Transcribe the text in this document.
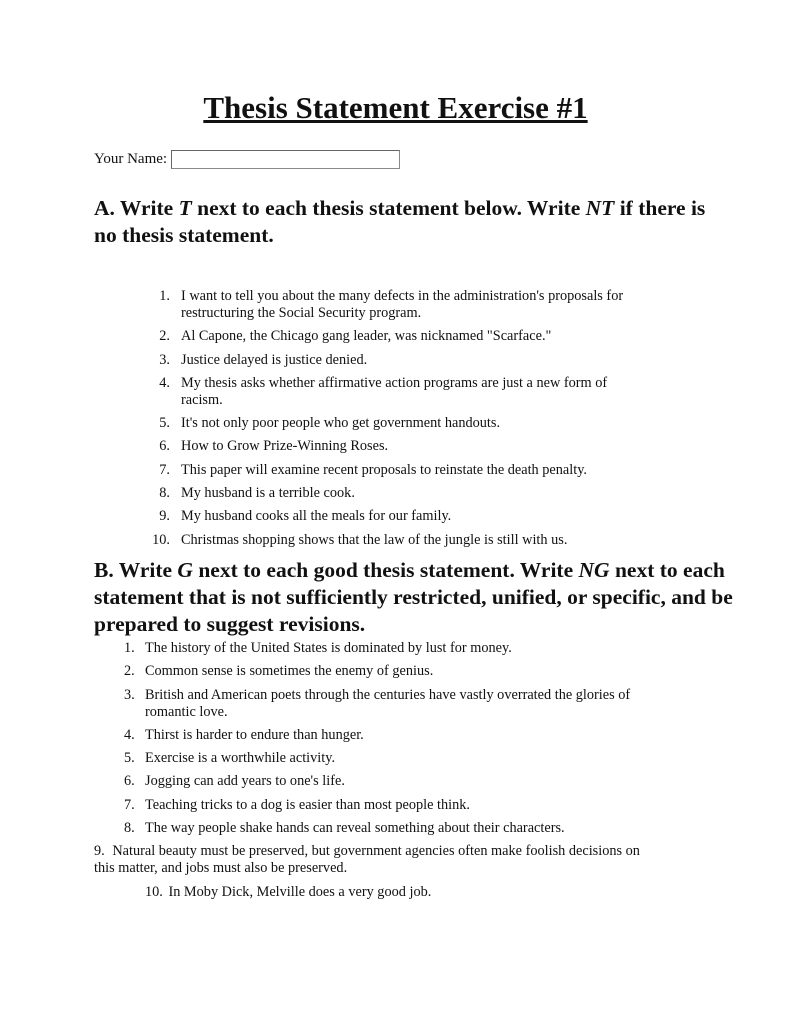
Thesis Statement Exercise #1
Your Name:
A. Write T next to each thesis statement below. Write NT if there is no thesis statement.
1. I want to tell you about the many defects in the administration's proposals for restructuring the Social Security program.
2. Al Capone, the Chicago gang leader, was nicknamed "Scarface."
3. Justice delayed is justice denied.
4. My thesis asks whether affirmative action programs are just a new form of racism.
5. It's not only poor people who get government handouts.
6. How to Grow Prize-Winning Roses.
7. This paper will examine recent proposals to reinstate the death penalty.
8. My husband is a terrible cook.
9. My husband cooks all the meals for our family.
10. Christmas shopping shows that the law of the jungle is still with us.
B. Write G next to each good thesis statement. Write NG next to each statement that is not sufficiently restricted, unified, or specific, and be prepared to suggest revisions.
1. The history of the United States is dominated by lust for money.
2. Common sense is sometimes the enemy of genius.
3. British and American poets through the centuries have vastly overrated the glories of romantic love.
4. Thirst is harder to endure than hunger.
5. Exercise is a worthwhile activity.
6. Jogging can add years to one's life.
7. Teaching tricks to a dog is easier than most people think.
8. The way people shake hands can reveal something about their characters.
9. Natural beauty must be preserved, but government agencies often make foolish decisions on this matter, and jobs must also be preserved.
10. In Moby Dick, Melville does a very good job.
